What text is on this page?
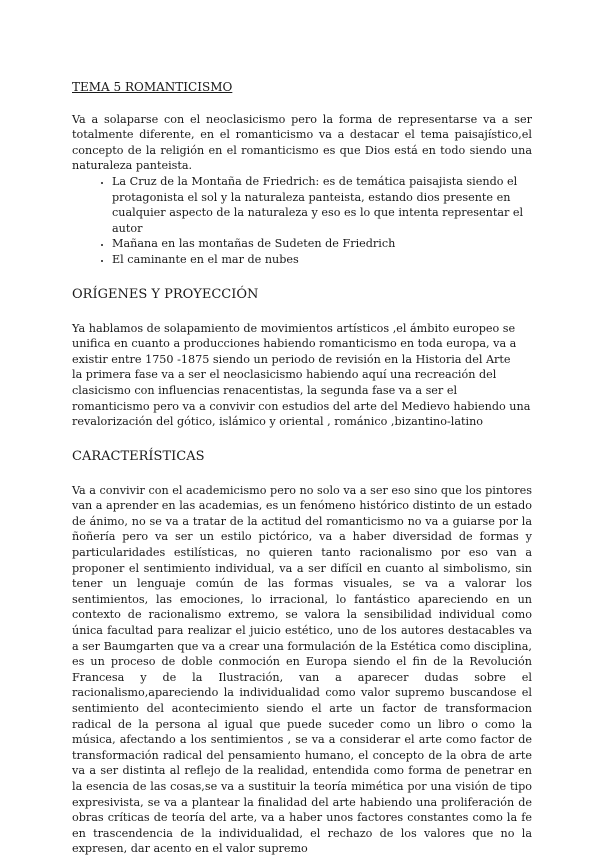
TEMA 5 ROMANTICISMO

Va a solaparse con el neoclasicismo pero la forma de representarse va a ser totalmente diferente, en el romanticismo va a destacar el tema paisajístico,el concepto de la religión en el romanticismo es que Dios está en todo siendo una naturaleza panteista.

• La Cruz de la Montaña de Friedrich: es de temática paisajista siendo el protagonista el sol y la naturaleza panteista, estando dios presente en cualquier aspecto de la naturaleza y eso es lo que intenta representar el autor
• Mañana en las montañas de Sudeten de Friedrich
• El caminante en el mar de nubes
ORÍGENES Y PROYECCIÓN

Ya hablamos de solapamiento de movimientos artísticos ,el ámbito europeo se unifica en cuanto a producciones habiendo romanticismo en toda europa, va a existir entre 1750 -1875 siendo un periodo de revisión en la Historia del Arte

la primera fase va a ser el neoclasicismo habiendo aquí una recreación del clasicismo con influencias renacentistas, la segunda fase va a ser el romanticismo pero va a convivir con estudios del arte del Medievo habiendo una revalorización del gótico, islámico y oriental , románico ,bizantino-latino

CARACTERÍSTICAS

Va a convivir con el academicismo pero no solo va a ser eso sino que los pintores van a aprender en las academias, es un fenómeno histórico distinto de un estado de ánimo, no se va a tratar de la actitud del romanticismo no va a guiarse por la ñoñería pero va ser un estilo pictórico, va a haber diversidad de formas y particularidades estilísticas, no quieren tanto racionalismo por eso van a proponer el sentimiento individual, va a ser difícil en cuanto al simbolismo, sin tener un lenguaje común de las formas visuales, se va a valorar los sentimientos, las emociones, lo irracional, lo fantástico apareciendo en un contexto de racionalismo extremo, se valora la sensibilidad individual como única facultad para realizar el juicio estético, uno de los autores destacables va a ser Baumgarten que va a crear una formulación de la Estética como disciplina, es un proceso de doble conmoción en Europa siendo el fin de la Revolución Francesa y de la Ilustración, van a aparecer dudas sobre el racionalismo,apareciendo la individualidad como valor supremo buscandose el sentimiento del acontecimiento siendo el arte un factor de transformacion radical de la persona al igual que puede suceder como un libro o como la música, afectando a los sentimientos , se va a considerar el arte como factor de transformación radical del pensamiento humano, el concepto de la obra de arte va a ser distinta al reflejo de la realidad, entendida como forma de penetrar en la esencia de las cosas,se va a sustituir la teoría mimética por una visión de tipo expresivista, se va a plantear la finalidad del arte habiendo una proliferación de obras críticas de teoría del arte, va a haber unos factores constantes como la fe en trascendencia de la individualidad, el rechazo de los valores que no la expresen, dar acento en el valor supremo
